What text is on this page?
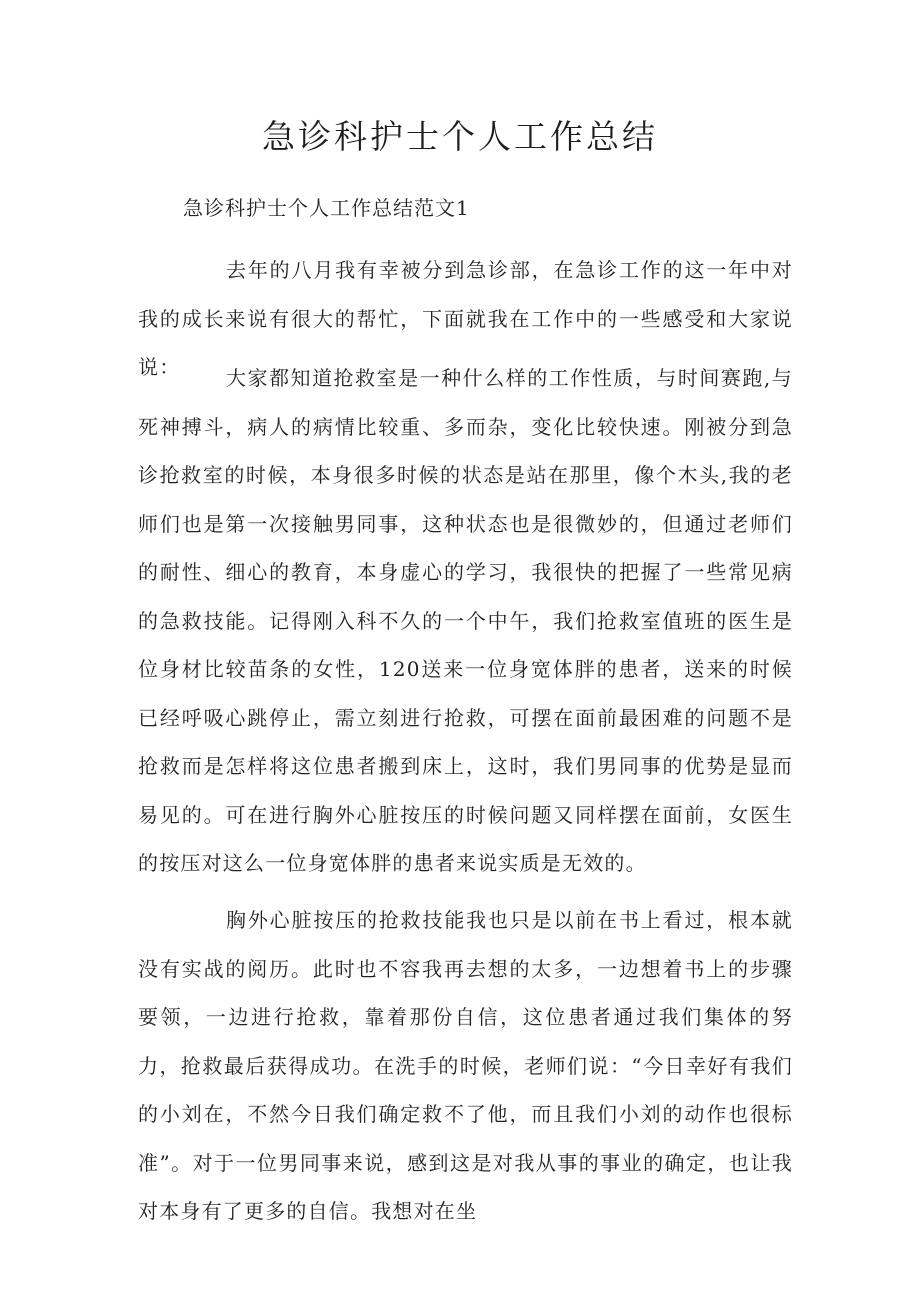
急诊科护士个人工作总结
急诊科护士个人工作总结范文1

去年的八月我有幸被分到急诊部，在急诊工作的这一年中对我的成长来说有很大的帮忙，下面就我在工作中的一些感受和大家说说：	大家都知道抢救室是一种什么样的工作性质，与时间赛跑,与死神搏斗，病人的病情比较重、多而杂，变化比较快速。刚被分到急诊抢救室的时候，本身很多时候的状态是站在那里，像个木头,我的老师们也是第一次接触男同事，这种状态也是很微妙的，但通过老师们的耐性、细心的教育，本身虚心的学习，我很快的把握了一些常见病的急救技能。记得刚入科不久的一个中午，我们抢救室值班的医生是位身材比较苗条的女性，120送来一位身宽体胖的患者，送来的时候已经呼吸心跳停止，需立刻进行抢救，可摆在面前最困难的问题不是抢救而是怎样将这位患者搬到床上，这时，我们男同事的优势是显而易见的。可在进行胸外心脏按压的时候问题又同样摆在面前，女医生的按压对这么一位身宽体胖的患者来说实质是无效的。

胸外心脏按压的抢救技能我也只是以前在书上看过，根本就没有实战的阅历。此时也不容我再去想的太多，一边想着书上的步骤要领，一边进行抢救，靠着那份自信，这位患者通过我们集体的努力，抢救最后获得成功。在洗手的时候，老师们说：“今日幸好有我们的小刘在，不然今日我们确定救不了他，而且我们小刘的动作也很标准”。对于一位男同事来说，感到这是对我从事的事业的确定，也让我对本身有了更多的自信。我想对在坐
